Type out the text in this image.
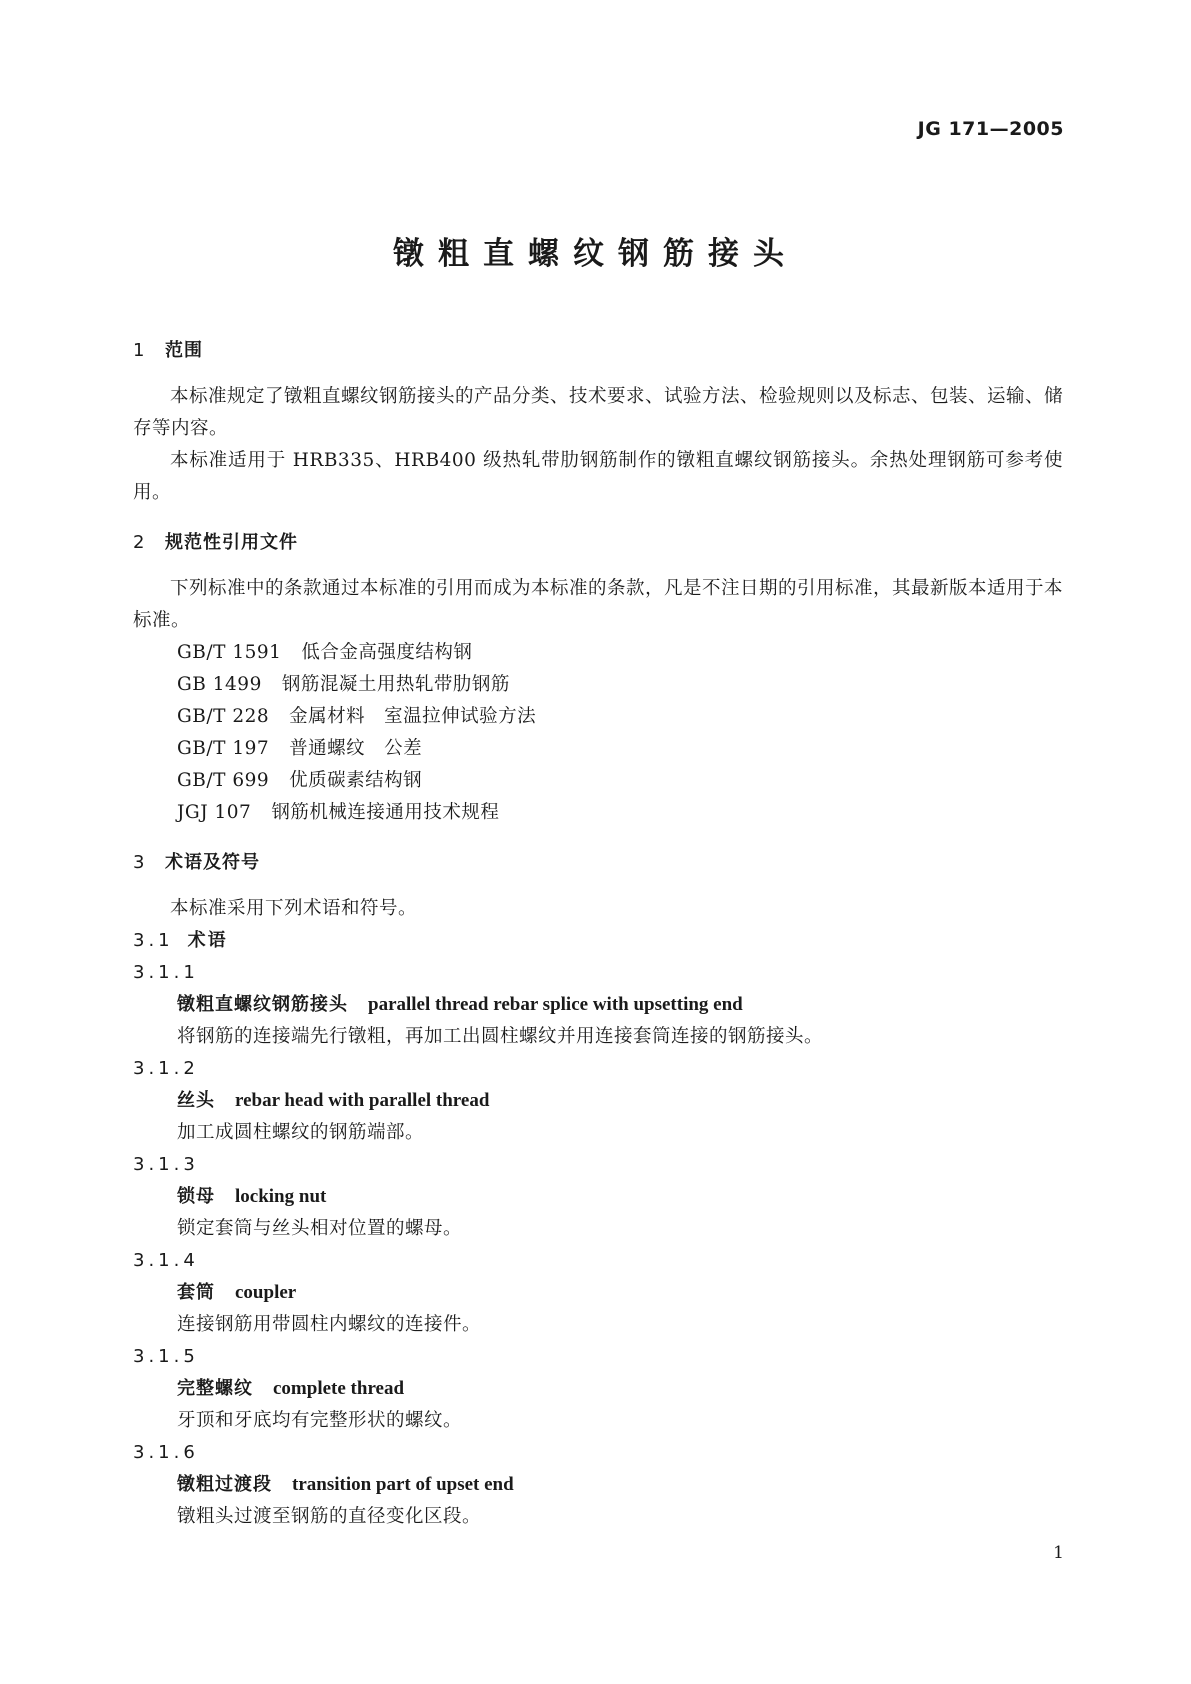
JG 171—2005
镦粗直螺纹钢筋接头
1 范围

本标准规定了镦粗直螺纹钢筋接头的产品分类、技术要求、试验方法、检验规则以及标志、包装、运输、储存等内容。

本标准适用于 HRB335、HRB400 级热轧带肋钢筋制作的镦粗直螺纹钢筋接头。余热处理钢筋可参考使用。

2 规范性引用文件

下列标准中的条款通过本标准的引用而成为本标准的条款，凡是不注日期的引用标准，其最新版本适用于本标准。

GB/T 1591 低合金高强度结构钢
GB 1499 钢筋混凝土用热轧带肋钢筋
GB/T 228 金属材料　室温拉伸试验方法
GB/T 197 普通螺纹　公差
GB/T 699 优质碳素结构钢
JGJ 107 钢筋机械连接通用技术规程
3 术语及符号

本标准采用下列术语和符号。

3.1 术语
3.1.1
镦粗直螺纹钢筋接头 parallel thread rebar splice with upsetting end
将钢筋的连接端先行镦粗，再加工出圆柱螺纹并用连接套筒连接的钢筋接头。
3.1.2
丝头 rebar head with parallel thread
加工成圆柱螺纹的钢筋端部。
3.1.3
锁母 locking nut
锁定套筒与丝头相对位置的螺母。
3.1.4
套筒 coupler
连接钢筋用带圆柱内螺纹的连接件。
3.1.5
完整螺纹 complete thread
牙顶和牙底均有完整形状的螺纹。
3.1.6
镦粗过渡段 transition part of upset end
镦粗头过渡至钢筋的直径变化区段。
1
